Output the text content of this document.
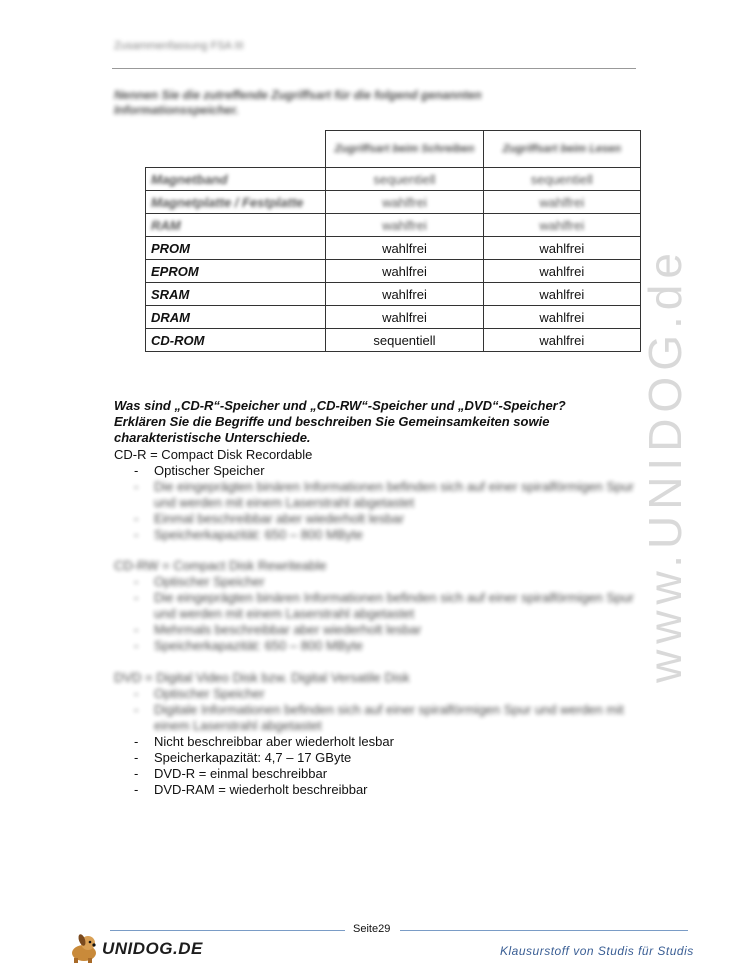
Zusammenfassung FSA III
Nennen Sie die zutreffende Zugriffsart für die folgend genannten Informationsspeicher.
	Zugriffsart beim Schreiben	Zugriffsart beim Lesen
Magnetband	sequentiell	sequentiell
Magnetplatte / Festplatte	wahlfrei	wahlfrei
RAM	wahlfrei	wahlfrei
PROM	wahlfrei	wahlfrei
EPROM	wahlfrei	wahlfrei
SRAM	wahlfrei	wahlfrei
DRAM	wahlfrei	wahlfrei
CD-ROM	sequentiell	wahlfrei
Was sind „CD-R“-Speicher und „CD-RW“-Speicher und „DVD“-Speicher? Erklären Sie die Begriffe und beschreiben Sie Gemeinsamkeiten sowie charakteristische Unterschiede.
CD-R = Compact Disk Recordable
- Optischer Speicher
- Die eingeprägten binären Informationen befinden sich auf einer spiralförmigen Spur und werden mit einem Laserstrahl abgetastet
- Einmal beschreibbar aber wiederholt lesbar
- Speicherkapazität: 650 – 800 MByte
CD-RW = Compact Disk Rewriteable
- Optischer Speicher
- Die eingeprägten binären Informationen befinden sich auf einer spiralförmigen Spur und werden mit einem Laserstrahl abgetastet
- Mehrmals beschreibbar aber wiederholt lesbar
- Speicherkapazität: 650 – 800 MByte
DVD = Digital Video Disk bzw. Digital Versatile Disk
- Optischer Speicher
- Digitale Informationen befinden sich auf einer spiralförmigen Spur und werden mit einem Laserstrahl abgetastet
- Nicht beschreibbar aber wiederholt lesbar
- Speicherkapazität: 4,7 – 17 GByte
- DVD-R = einmal beschreibbar
- DVD-RAM = wiederholt beschreibbar
www.UNIDOG.de
Seite29
UNIDOG.DE	Klausurstoff von Studis für Studis
